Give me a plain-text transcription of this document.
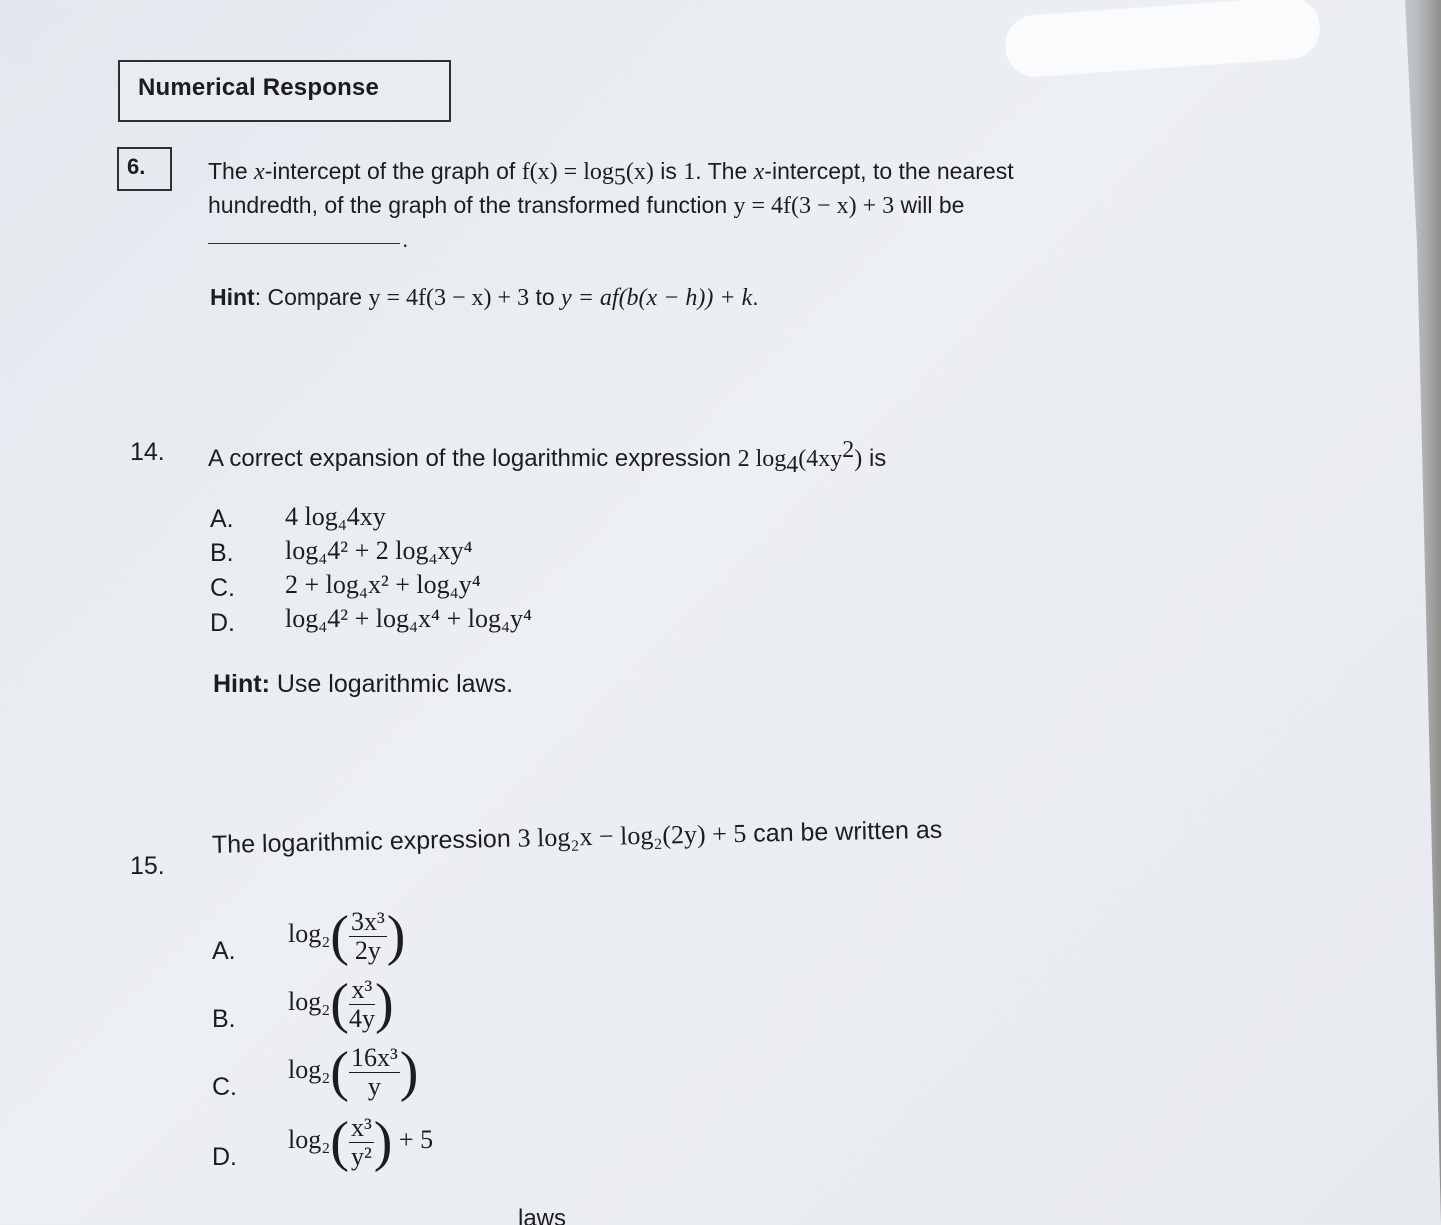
Numerical Response
6.	The x-intercept of the graph of $f(x) = \log_5(x)$ is 1. The x-intercept, to the nearest
hundredth, of the graph of the transformed function y = 4f(3 − x) + 3 will be
.
Hint: Compare y = 4f(3 − x) + 3 to y = af(b(x − h)) + k.
14. A correct expansion of the logarithmic expression 2 $\log_4(4xy^2)$ is
A. 4 log₄4xy
B. log₄4² + 2 log₄xy⁴
C. 2 + log₄x² + log₄y⁴
D. log₄4² + log₄x⁴ + log₄y⁴
Hint: Use logarithmic laws.
15.
The logarithmic expression 3 log₂x − log₂(2y) + 5 can be written as
A.
$\log_2( \frac{\text{3x³}}{2y}$ )
B.
$\log_2( \frac{\text{x³}}{4y}$ )
C.
$\log_2( \frac{\text{16x³}}{y}$ )
D.
$\log_2( \frac{\text{x³}}{\text{y²}}$ ) + 5
laws
